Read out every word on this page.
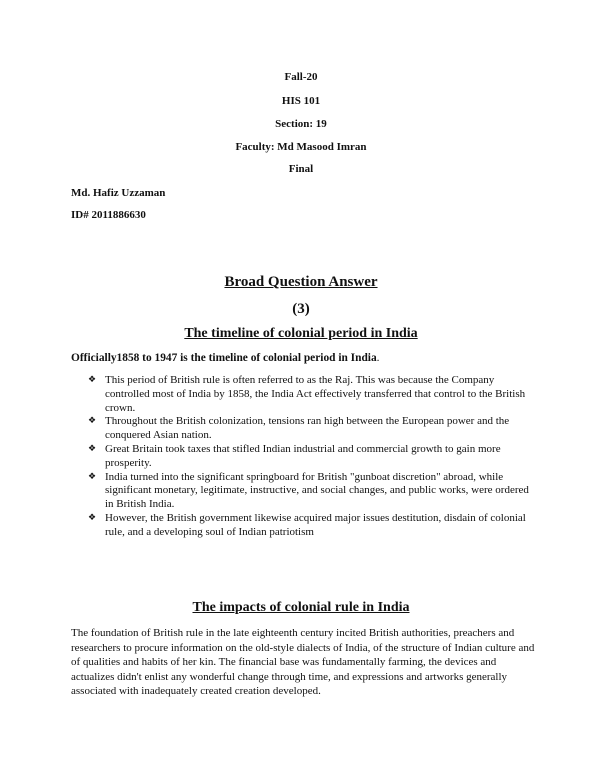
Fall-20
HIS 101
Section: 19
Faculty: Md Masood Imran
Final
Md. Hafiz Uzzaman
ID# 2011886630
Broad Question Answer
(3)
The timeline of colonial period in India
Officially1858 to 1947 is the timeline of colonial period in India.
❖ This period of British rule is often referred to as the Raj. This was because the Company controlled most of India by 1858, the India Act effectively transferred that control to the British crown.
❖ Throughout the British colonization, tensions ran high between the European power and the conquered Asian nation.
❖ Great Britain took taxes that stifled Indian industrial and commercial growth to gain more prosperity.
❖ India turned into the significant springboard for British "gunboat discretion" abroad, while significant monetary, legitimate, instructive, and social changes, and public works, were ordered in British India.
❖ However, the British government likewise acquired major issues destitution, disdain of colonial rule, and a developing soul of Indian patriotism
The impacts of colonial rule in India

The foundation of British rule in the late eighteenth century incited British authorities, preachers and researchers to procure information on the old-style dialects of India, of the structure of Indian culture and of qualities and habits of her kin. The financial base was fundamentally farming, the devices and actualizes didn't enlist any wonderful change through time, and expressions and artworks generally associated with inadequately created creation developed.
